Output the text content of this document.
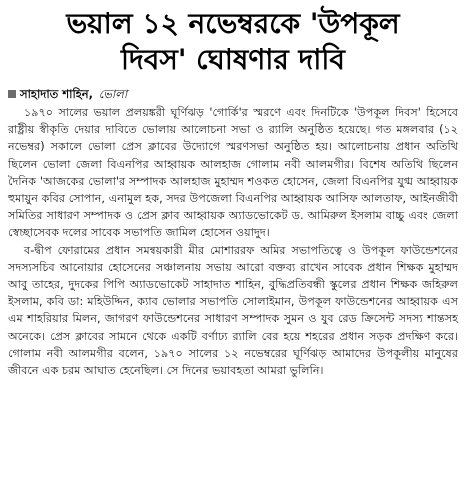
ভয়াল ১২ নভেম্বরকে 'উপকূল
দিবস' ঘোষণার দাবি
সাহাদাত শাহিন,
ভোলা

১৯৭০ সালের ভয়াল প্রলয়ঙ্করী ঘূর্ণিঝড় 'গোর্কি'র স্মরণে এবং দিনটিকে 'উপকূল দিবস' হিসেবে রাষ্ট্রীয় স্বীকৃতি দেয়ার দাবিতে ভোলায় আলোচনা সভা ও র‍্যালি অনুষ্ঠিত হয়েছে। গত মঙ্গলবার (১২ নভেম্বর) সকালে ভোলা প্রেস ক্লাবের উদ্যোগে স্মরণসভা অনুষ্ঠিত হয়। আলোচনায় প্রধান অতিথি ছিলেন ভোলা জেলা বিএনপির আহ্বায়ক আলহাজ গোলাম নবী আলমগীর। বিশেষ অতিথি ছিলেন দৈনিক 'আজকের ভোলা'র সম্পাদক আলহাজ মুহাম্মদ শওকত হোসেন, জেলা বিএনপির যুগ্ম আহ্বায়ক হুমায়ুন কবির সোপান, এনামুল হক, সদর উপজেলা বিএনপির আহ্বায়ক আসিফ আলতাফ, আইনজীবী সমিতির সাধারণ সম্পাদক ও প্রেস ক্লাব আহ্বায়ক অ্যাডভোকেট ড. আমিরুল ইসলাম বাচ্চু এবং জেলা স্বেচ্ছাসেবক দলের সাবেক সভাপতি জামিল হোসেন ওয়াদুদ।

ব-দ্বীপ ফোরামের প্রধান সমন্বয়কারী মীর মোশাররফ অমির সভাপতিত্বে ও উপকূল ফাউন্ডেশনের সদস্যসচিব আনোয়ার হোসেনের সঞ্চালনায় সভায় আরো বক্তব্য রাখেন সাবেক প্রধান শিক্ষক মুহাম্মদ আবু তাহের, দুদকের পিপি অ্যাডভোকেট সাহাদাত শাহিন, বুদ্ধিপ্রতিবন্ধী স্কুলের প্রধান শিক্ষক জহিরুল ইসলাম, কবি ডা: মহিউদ্দিন, ক্যাব ভোলার সভাপতি সোলাইমান, উপকূল ফাউন্ডেশনের আহ্বায়ক এস এম শাহরিয়ার মিলন, জাগরণ ফাউন্ডেশনের সাধারণ সম্পাদক সুমন ও যুব রেড ক্রিসেন্ট সদস্য শান্তসহ অনেকে। প্রেস ক্লাবের সামনে থেকে একটি বর্ণাঢ্য র‍্যালি বের হয়ে শহরের প্রধান সড়ক প্রদক্ষিণ করে। গোলাম নবী আলমগীর বলেন, ১৯৭০ সালের ১২ নভেম্বরের ঘূর্ণিঝড় আমাদের উপকূলীয় মানুষের জীবনে এক চরম আঘাত হেনেছিল। সে দিনের ভয়াবহতা আমরা ভুলিনি।
